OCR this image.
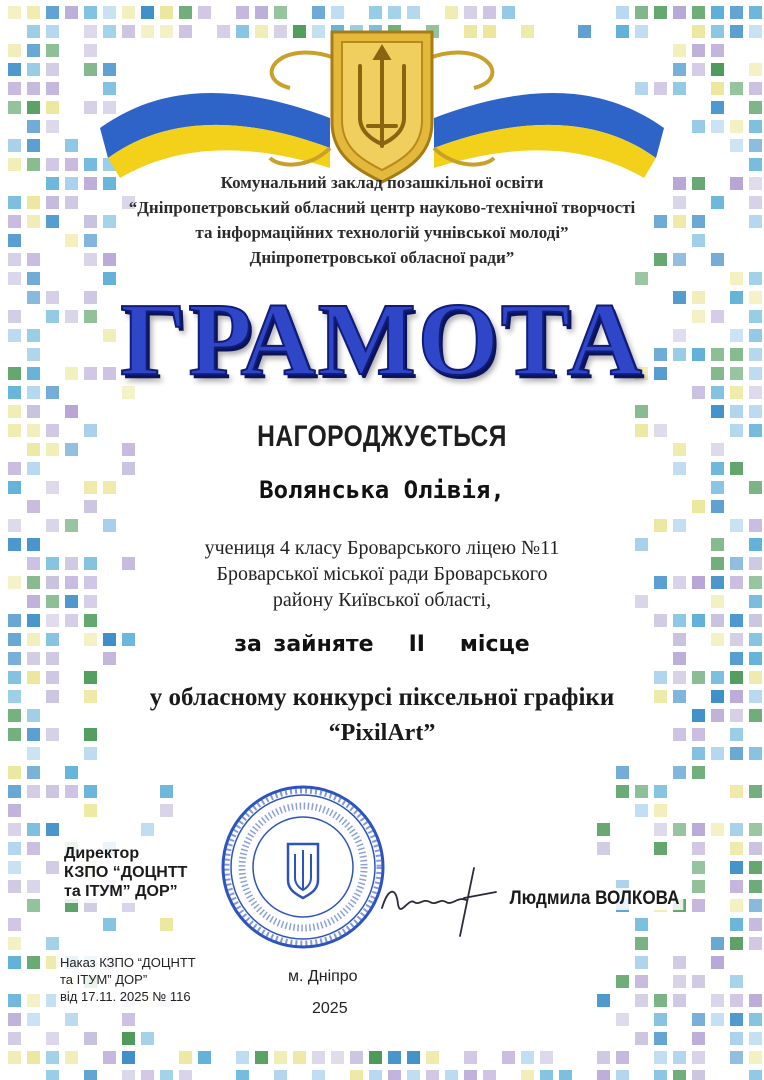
Комунальний заклад позашкільної освіти
“Дніпропетровський обласний центр науково-технічної творчості
та інформаційних технологій учнівської молоді”
Дніпропетровської обласної ради”
ГРАМОТА
НАГОРОДЖУЄТЬСЯ
Волянська Олівія,
учениця 4 класу Броварського ліцею №11
Броварської міської ради Броварського
району Київської області,
за зайняте   ІІ   місце
у обласному конкурсі піксельної графіки
“PixilArt”
Директор
КЗПО “ДОЦНТТ
та ІТУМ” ДОР”	Людмила ВОЛКОВА
Наказ КЗПО “ДОЦНТТ
та ІТУМ” ДОР”
від 17.11. 2025 № 116
м. Дніпро
2025
